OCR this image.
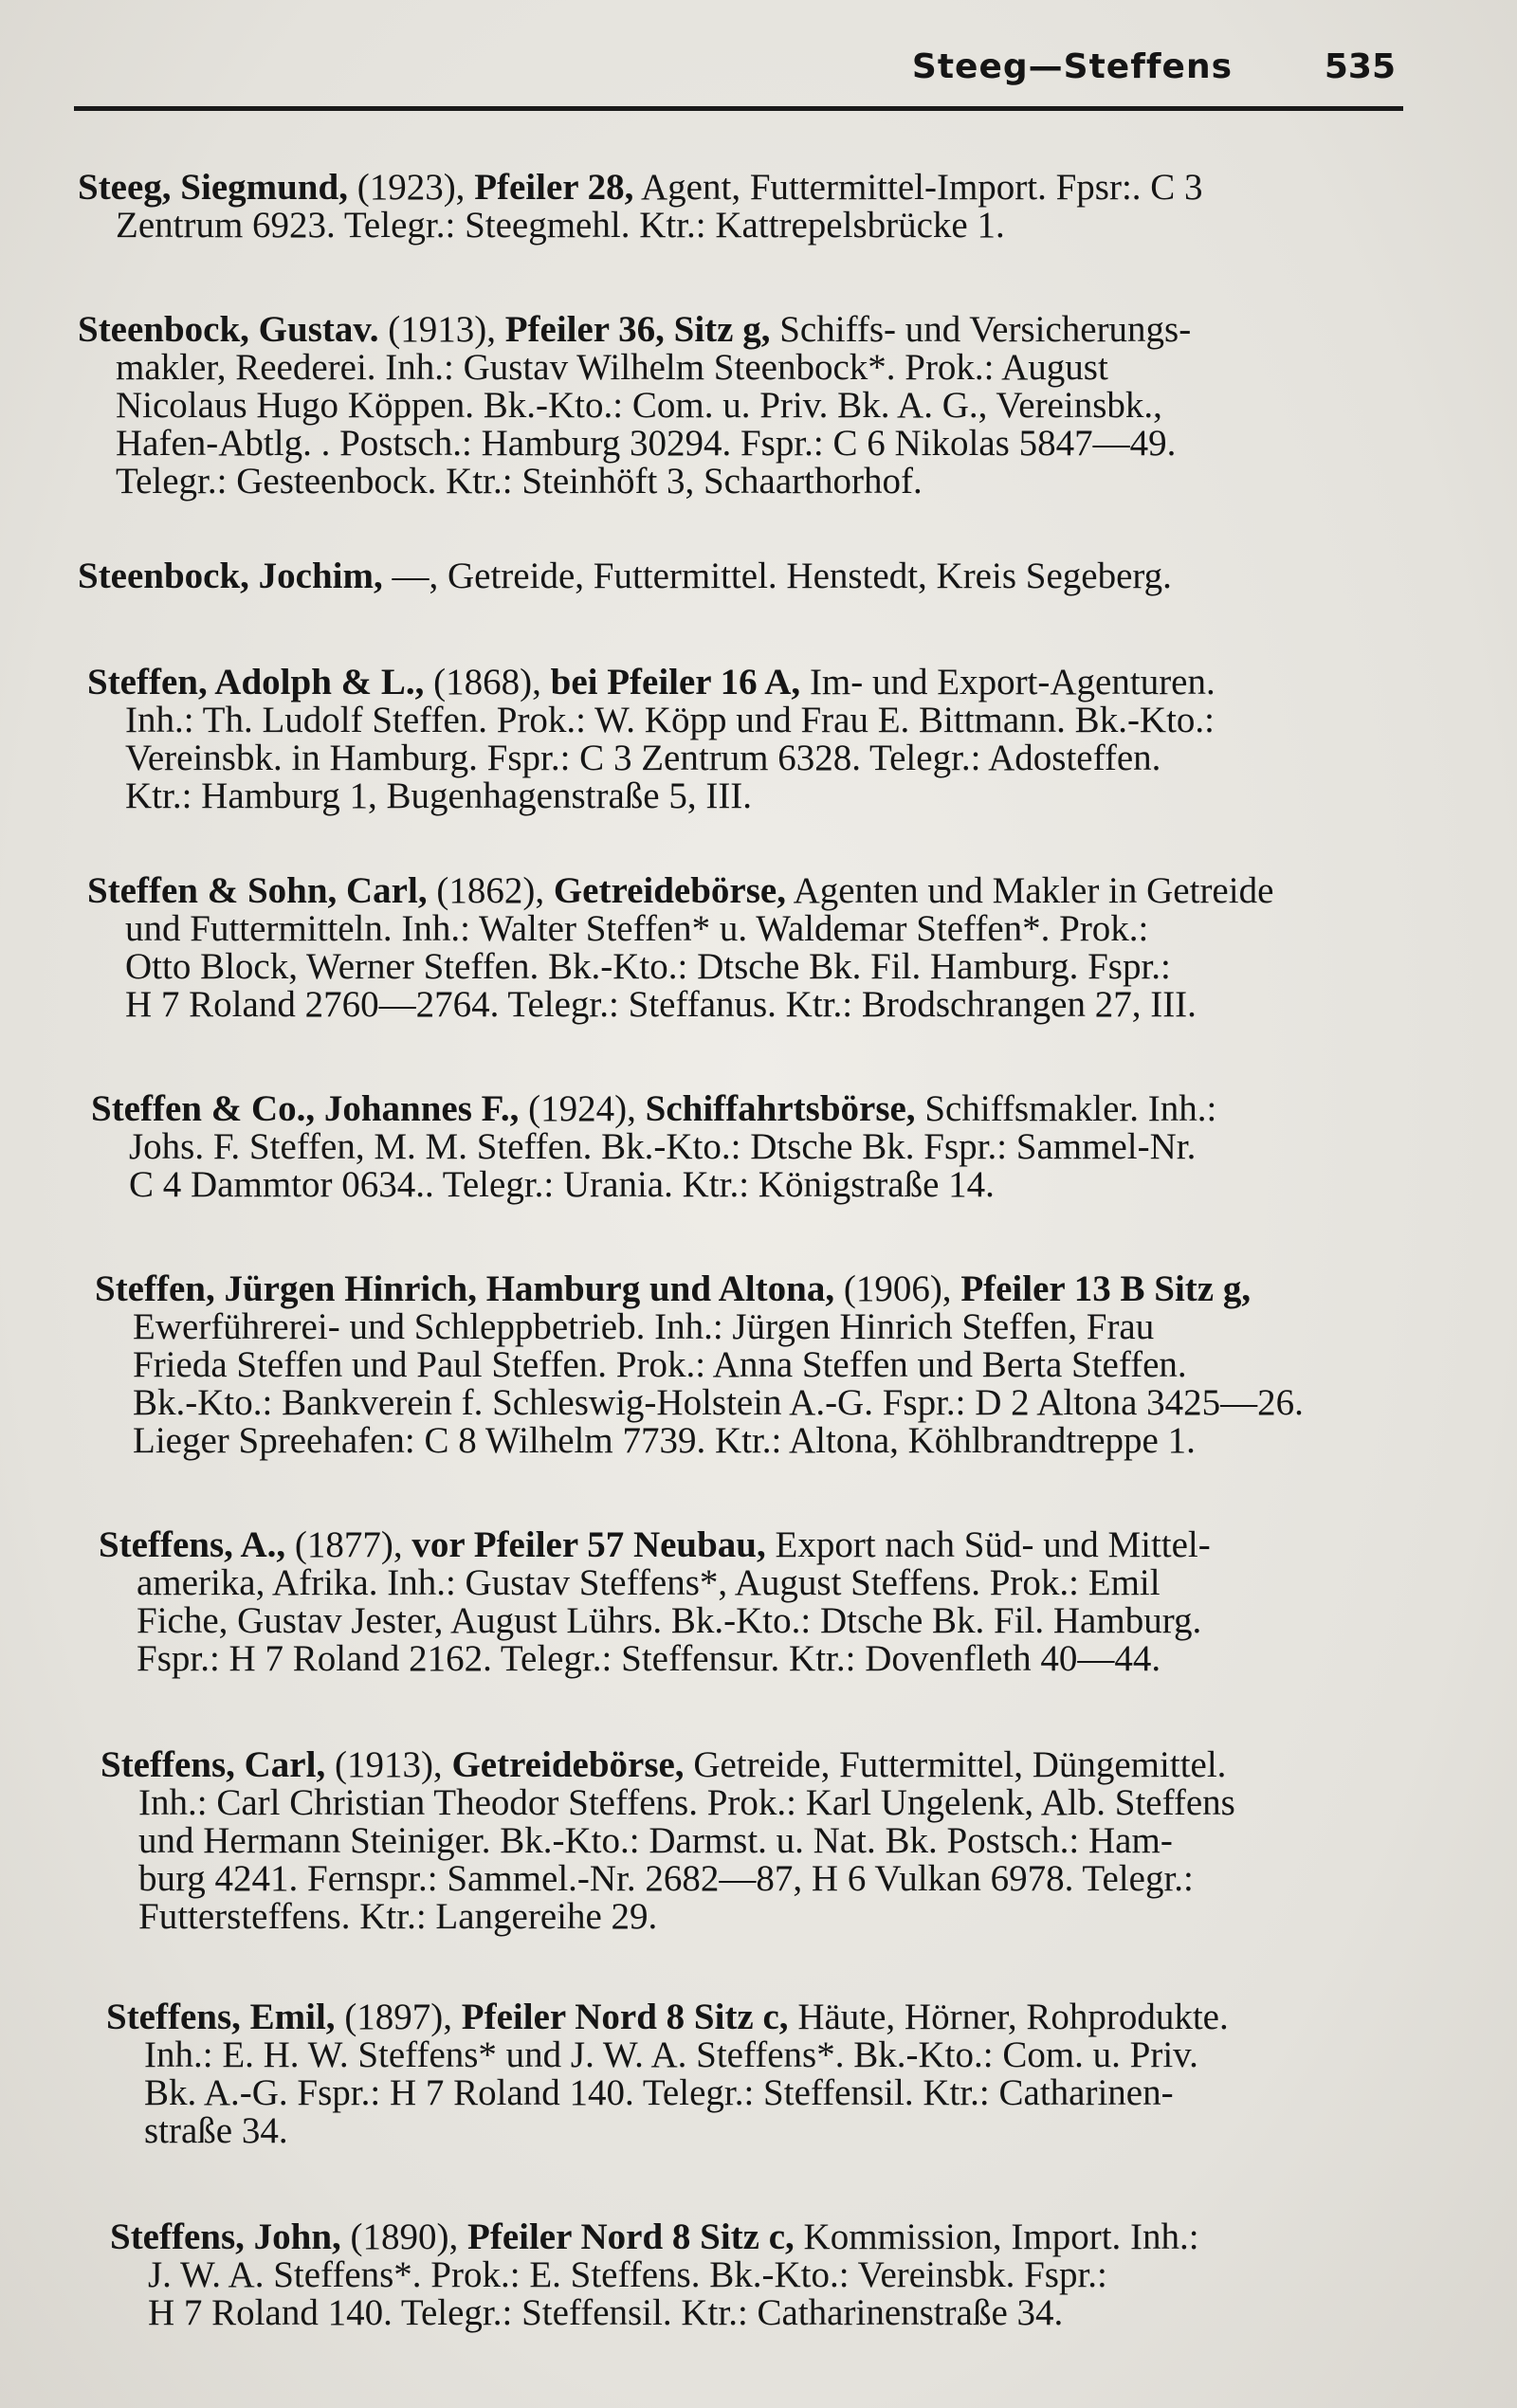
Steeg—Steffens	535
Steeg, Siegmund, (1923), Pfeiler 28, Agent, Futtermittel-Import. Fpsr:. C 3
Zentrum 6923. Telegr.: Steegmehl. Ktr.: Kattrepelsbrücke 1.
Steenbock, Gustav. (1913), Pfeiler 36, Sitz g, Schiffs- und Versicherungs-
makler, Reederei. Inh.: Gustav Wilhelm Steenbock*. Prok.: August
Nicolaus Hugo Köppen. Bk.-Kto.: Com. u. Priv. Bk. A. G., Vereinsbk.,
Hafen-Abtlg. . Postsch.: Hamburg 30294. Fspr.: C 6 Nikolas 5847—49.
Telegr.: Gesteenbock. Ktr.: Steinhöft 3, Schaarthorhof.
Steenbock, Jochim, —, Getreide, Futtermittel. Henstedt, Kreis Segeberg.
Steffen, Adolph & L., (1868), bei Pfeiler 16 A, Im- und Export-Agenturen.
Inh.: Th. Ludolf Steffen. Prok.: W. Köpp und Frau E. Bittmann. Bk.-Kto.:
Vereinsbk. in Hamburg. Fspr.: C 3 Zentrum 6328. Telegr.: Adosteffen.
Ktr.: Hamburg 1, Bugenhagenstraße 5, III.
Steffen & Sohn, Carl, (1862), Getreidebörse, Agenten und Makler in Getreide
und Futtermitteln. Inh.: Walter Steffen* u. Waldemar Steffen*. Prok.:
Otto Block, Werner Steffen. Bk.-Kto.: Dtsche Bk. Fil. Hamburg. Fspr.:
H 7 Roland 2760—2764. Telegr.: Steffanus. Ktr.: Brodschrangen 27, III.
Steffen & Co., Johannes F., (1924), Schiffahrtsbörse, Schiffsmakler. Inh.:
Johs. F. Steffen, M. M. Steffen. Bk.-Kto.: Dtsche Bk. Fspr.: Sammel-Nr.
C 4 Dammtor 0634.. Telegr.: Urania. Ktr.: Königstraße 14.
Steffen, Jürgen Hinrich, Hamburg und Altona, (1906), Pfeiler 13 B Sitz g,
Ewerführerei- und Schleppbetrieb. Inh.: Jürgen Hinrich Steffen, Frau
Frieda Steffen und Paul Steffen. Prok.: Anna Steffen und Berta Steffen.
Bk.-Kto.: Bankverein f. Schleswig-Holstein A.-G. Fspr.: D 2 Altona 3425—26.
Lieger Spreehafen: C 8 Wilhelm 7739. Ktr.: Altona, Köhlbrandtreppe 1.
Steffens, A., (1877), vor Pfeiler 57 Neubau, Export nach Süd- und Mittel-
amerika, Afrika. Inh.: Gustav Steffens*, August Steffens. Prok.: Emil
Fiche, Gustav Jester, August Lührs. Bk.-Kto.: Dtsche Bk. Fil. Hamburg.
Fspr.: H 7 Roland 2162. Telegr.: Steffensur. Ktr.: Dovenfleth 40—44.
Steffens, Carl, (1913), Getreidebörse, Getreide, Futtermittel, Düngemittel.
Inh.: Carl Christian Theodor Steffens. Prok.: Karl Ungelenk, Alb. Steffens
und Hermann Steiniger. Bk.-Kto.: Darmst. u. Nat. Bk. Postsch.: Ham-
burg 4241. Fernspr.: Sammel.-Nr. 2682—87, H 6 Vulkan 6978. Telegr.:
Futtersteffens. Ktr.: Langereihe 29.
Steffens, Emil, (1897), Pfeiler Nord 8 Sitz c, Häute, Hörner, Rohprodukte.
Inh.: E. H. W. Steffens* und J. W. A. Steffens*. Bk.-Kto.: Com. u. Priv.
Bk. A.-G. Fspr.: H 7 Roland 140. Telegr.: Steffensil. Ktr.: Catharinen-
straße 34.
Steffens, John, (1890), Pfeiler Nord 8 Sitz c, Kommission, Import. Inh.:
J. W. A. Steffens*. Prok.: E. Steffens. Bk.-Kto.: Vereinsbk. Fspr.:
H 7 Roland 140. Telegr.: Steffensil. Ktr.: Catharinenstraße 34.
